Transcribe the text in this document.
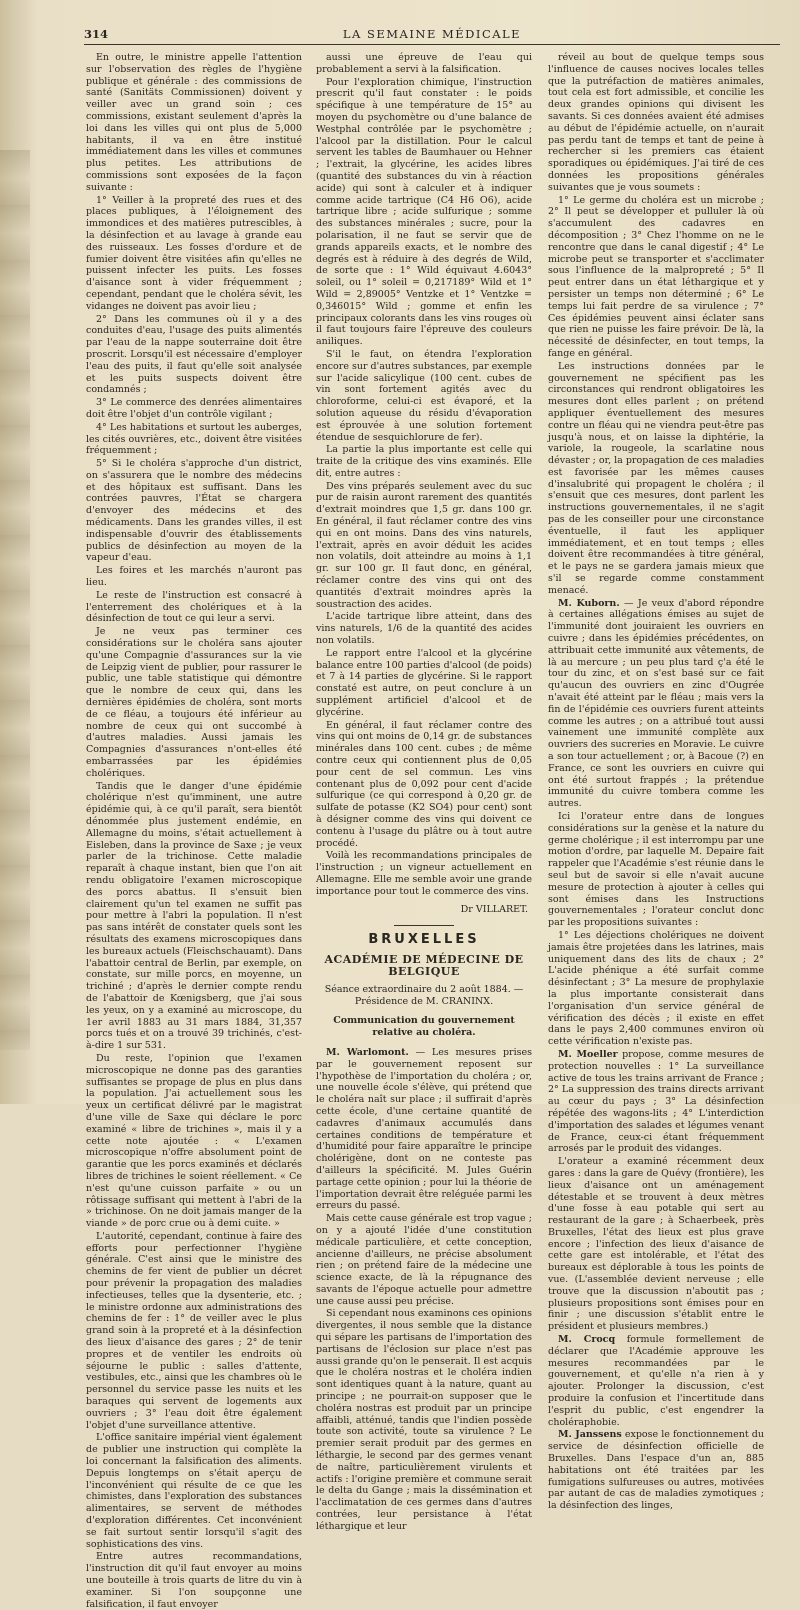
314	LA SEMAINE MÉDICALE

En outre, le ministre appelle l'attention sur l'observation des règles de l'hygiène publique et générale : des commissions de santé (Sanitäts Commissionen) doivent y veiller avec un grand soin ; ces commissions, existant seulement d'après la loi dans les villes qui ont plus de 5,000 habitants, il va en être institué immédiatement dans les villes et communes plus petites. Les attributions de commissions sont exposées de la façon suivante :

1° Veiller à la propreté des rues et des places publiques, à l'éloignement des immondices et des matières putrescibles, à la désinfection et au lavage à grande eau des ruisseaux. Les fosses d'ordure et de fumier doivent être visitées afin qu'elles ne puissent infecter les puits. Les fosses d'aisance sont à vider fréquemment ; cependant, pendant que le choléra sévit, les vidanges ne doivent pas avoir lieu ;

2° Dans les communes où il y a des conduites d'eau, l'usage des puits alimentés par l'eau de la nappe souterraine doit être proscrit. Lorsqu'il est nécessaire d'employer l'eau des puits, il faut qu'elle soit analysée et les puits suspects doivent être condamnés ;

3° Le commerce des denrées alimentaires doit être l'objet d'un contrôle vigilant ;

4° Les habitations et surtout les auberges, les cités ouvrières, etc., doivent être visitées fréquemment ;

5° Si le choléra s'approche d'un district, on s'assurera que le nombre des médecins et des hôpitaux est suffisant. Dans les contrées pauvres, l'État se chargera d'envoyer des médecins et des médicaments. Dans les grandes villes, il est indispensable d'ouvrir des établissements publics de désinfection au moyen de la vapeur d'eau.

Les foires et les marchés n'auront pas lieu.

Le reste de l'instruction est consacré à l'enterrement des cholériques et à la désinfection de tout ce qui leur a servi.

Je ne veux pas terminer ces considérations sur le choléra sans ajouter qu'une Compagnie d'assurances sur la vie de Leipzig vient de publier, pour rassurer le public, une table statistique qui démontre que le nombre de ceux qui, dans les dernières épidémies de choléra, sont morts de ce fléau, a toujours été inférieur au nombre de ceux qui ont succombé à d'autres maladies. Aussi jamais les Compagnies d'assurances n'ont-elles été embarrassées par les épidémies cholériques.

Tandis que le danger d'une épidémie cholérique n'est qu'imminent, une autre épidémie qui, à ce qu'il paraît, sera bientôt dénommée plus justement endémie, en Allemagne du moins, s'était actuellement à Eisleben, dans la province de Saxe ; je veux parler de la trichinose. Cette maladie reparaît à chaque instant, bien que l'on ait rendu obligatoire l'examen microscopique des porcs abattus. Il s'ensuit bien clairement qu'un tel examen ne suffit pas pour mettre à l'abri la population. Il n'est pas sans intérêt de constater quels sont les résultats des examens microscopiques dans les bureaux actuels (Fleischschauamt). Dans l'abattoir central de Berlin, par exemple, on constate, sur mille porcs, en moyenne, un trichiné ; d'après le dernier compte rendu de l'abattoir de Kœnigsberg, que j'ai sous les yeux, on y a examiné au microscope, du 1er avril 1883 au 31 mars 1884, 31,357 porcs tués et on a trouvé 39 trichinés, c'est-à-dire 1 sur 531.

Du reste, l'opinion que l'examen microscopique ne donne pas des garanties suffisantes se propage de plus en plus dans la population. J'ai actuellement sous les yeux un certificat délivré par le magistrat d'une ville de Saxe qui déclare le porc examiné « libre de trichines », mais il y a cette note ajoutée : « L'examen microscopique n'offre absolument point de garantie que les porcs examinés et déclarés libres de trichines le soient réellement. « Ce n'est qu'une cuisson parfaite » ou un rôtissage suffisant qui mettent à l'abri de la » trichinose. On ne doit jamais manger de la viande » de porc crue ou à demi cuite. »

L'autorité, cependant, continue à faire des efforts pour perfectionner l'hygiène générale. C'est ainsi que le ministre des chemins de fer vient de publier un décret pour prévenir la propagation des maladies infectieuses, telles que la dysenterie, etc. ; le ministre ordonne aux administrations des chemins de fer : 1° de veiller avec le plus grand soin à la propreté et à la désinfection des lieux d'aisance des gares ; 2° de tenir propres et de ventiler les endroits où séjourne le public : salles d'attente, vestibules, etc., ainsi que les chambres où le personnel du service passe les nuits et les baraques qui servent de logements aux ouvriers ; 3° l'eau doit être également l'objet d'une surveillance attentive.

L'office sanitaire impérial vient également de publier une instruction qui complète la loi concernant la falsification des aliments. Depuis longtemps on s'était aperçu de l'inconvénient qui résulte de ce que les chimistes, dans l'exploration des substances alimentaires, se servent de méthodes d'exploration différentes. Cet inconvénient se fait surtout sentir lorsqu'il s'agit des sophistications des vins.

Entre autres recommandations, l'instruction dit qu'il faut envoyer au moins une bouteille à trois quarts de litre du vin à examiner. Si l'on soupçonne une falsification, il faut envoyer

aussi une épreuve de l'eau qui probablement a servi à la falsification.

Pour l'exploration chimique, l'instruction prescrit qu'il faut constater : le poids spécifique à une température de 15° au moyen du psychomètre ou d'une balance de Westphal contrôlée par le psychomètre ; l'alcool par la distillation. Pour le calcul servent les tables de Baumhauer ou Hehner ; l'extrait, la glycérine, les acides libres (quantité des substances du vin à réaction acide) qui sont à calculer et à indiquer comme acide tartrique (C4 H6 O6), acide tartrique libre ; acide sulfurique ; somme des substances minérales ; sucre, pour la polarisation, il ne faut se servir que de grands appareils exacts, et le nombre des degrés est à réduire à des degrés de Wild, de sorte que : 1° Wild équivaut 4.6043° soleil, ou 1° soleil = 0,217189° Wild et 1° Wild = 2,89005° Ventzke et 1° Ventzke = 0,346015° Wild ; gomme et enfin les principaux colorants dans les vins rouges où il faut toujours faire l'épreuve des couleurs aniliques.

S'il le faut, on étendra l'exploration encore sur d'autres substances, par exemple sur l'acide salicylique (100 cent. cubes de vin sont fortement agités avec du chloroforme, celui-ci est évaporé, et la solution aqueuse du résidu d'évaporation est éprouvée à une solution fortement étendue de sesquichlorure de fer).

La partie la plus importante est celle qui traite de la critique des vins examinés. Elle dit, entre autres :

Des vins préparés seulement avec du suc pur de raisin auront rarement des quantités d'extrait moindres que 1,5 gr. dans 100 gr. En général, il faut réclamer contre des vins qui en ont moins. Dans des vins naturels, l'extrait, après en avoir déduit les acides non volatils, doit atteindre au moins à 1,1 gr. sur 100 gr. Il faut donc, en général, réclamer contre des vins qui ont des quantités d'extrait moindres après la soustraction des acides.

L'acide tartrique libre atteint, dans des vins naturels, 1/6 de la quantité des acides non volatils.

Le rapport entre l'alcool et la glycérine balance entre 100 parties d'alcool (de poids) et 7 à 14 parties de glycérine. Si le rapport constaté est autre, on peut conclure à un supplément artificiel d'alcool et de glycérine.

En général, il faut réclamer contre des vins qui ont moins de 0,14 gr. de substances minérales dans 100 cent. cubes ; de même contre ceux qui contiennent plus de 0,05 pour cent de sel commun. Les vins contenant plus de 0,092 pour cent d'acide sulfurique (ce qui correspond à 0,20 gr. de sulfate de potasse (K2 SO4) pour cent) sont à désigner comme des vins qui doivent ce contenu à l'usage du plâtre ou à tout autre procédé.

Voilà les recommandations principales de l'instruction ; un vigneur actuellement en Allemagne. Elle me semble avoir une grande importance pour tout le commerce des vins.

Dr VILLARET.
BRUXELLES
ACADÉMIE DE MÉDECINE DE BELGIQUE
Séance extraordinaire du 2 août 1884. — Présidence de M. CRANINX.
Communication du gouvernement relative au choléra.

M. Warlomont. — Les mesures prises par le gouvernement reposent sur l'hypothèse de l'importation du choléra ; or, une nouvelle école s'élève, qui prétend que le choléra naît sur place ; il suffirait d'après cette école, d'une certaine quantité de cadavres d'animaux accumulés dans certaines conditions de température et d'humidité pour faire apparaître le principe cholérigène, dont on ne conteste pas d'ailleurs la spécificité. M. Jules Guérin partage cette opinion ; pour lui la théorie de l'importation devrait être reléguée parmi les erreurs du passé.

Mais cette cause générale est trop vague ; on y a ajouté l'idée d'une constitution médicale particulière, et cette conception, ancienne d'ailleurs, ne précise absolument rien ; on prétend faire de la médecine une science exacte, de là la répugnance des savants de l'époque actuelle pour admettre une cause aussi peu précise.

Si cependant nous examinons ces opinions divergentes, il nous semble que la distance qui sépare les partisans de l'importation des partisans de l'éclosion sur place n'est pas aussi grande qu'on le penserait. Il est acquis que le choléra nostras et le choléra indien sont identiques quant à la nature, quant au principe ; ne pourrait-on supposer que le choléra nostras est produit par un principe affaibli, atténué, tandis que l'indien possède toute son activité, toute sa virulence ? Le premier serait produit par des germes en léthargie, le second par des germes venant de naître, particulièrement virulents et actifs : l'origine première et commune serait le delta du Gange ; mais la dissémination et l'acclimatation de ces germes dans d'autres contrées, leur persistance à l'état léthargique et leur

réveil au bout de quelque temps sous l'influence de causes nocives locales telles que la putréfaction de matières animales, tout cela est fort admissible, et concilie les deux grandes opinions qui divisent les savants. Si ces données avaient été admises au début de l'épidémie actuelle, on n'aurait pas perdu tant de temps et tant de peine à rechercher si les premiers cas étaient sporadiques ou épidémiques. J'ai tiré de ces données les propositions générales suivantes que je vous soumets :

1° Le germe du choléra est un microbe ; 2° Il peut se développer et pulluler là où s'accumulent des cadavres en décomposition ; 3° Chez l'homme on ne le rencontre que dans le canal digestif ; 4° Le microbe peut se transporter et s'acclimater sous l'influence de la malpropreté ; 5° Il peut entrer dans un état léthargique et y persister un temps non déterminé ; 6° Le temps lui fait perdre de sa virulence ; 7° Ces épidémies peuvent ainsi éclater sans que rien ne puisse les faire prévoir. De là, la nécessité de désinfecter, en tout temps, la fange en général.

Les instructions données par le gouvernement ne spécifient pas les circonstances qui rendront obligatoires les mesures dont elles parlent ; on prétend appliquer éventuellement des mesures contre un fléau qui ne viendra peut-être pas jusqu'à nous, et on laisse la diphtérie, la variole, la rougeole, la scarlatine nous dévaster ; or, la propagation de ces maladies est favorisée par les mêmes causes d'insalubrité qui propagent le choléra ; il s'ensuit que ces mesures, dont parlent les instructions gouvernementales, il ne s'agit pas de les conseiller pour une circonstance éventuelle, il faut les appliquer immédiatement, et en tout temps ; elles doivent être recommandées à titre général, et le pays ne se gardera jamais mieux que s'il se regarde comme constamment menacé.

M. Kuborn. — Je veux d'abord répondre à certaines allégations émises au sujet de l'immunité dont jouiraient les ouvriers en cuivre ; dans les épidémies précédentes, on attribuait cette immunité aux vêtements, de là au mercure ; un peu plus tard ç'a été le tour du zinc, et on s'est basé sur ce fait qu'aucun des ouvriers en zinc d'Ougrée n'avait été atteint par le fléau ; mais vers la fin de l'épidémie ces ouvriers furent atteints comme les autres ; on a attribué tout aussi vainement une immunité complète aux ouvriers des sucreries en Moravie. Le cuivre a son tour actuellement ; or, à Bacoue (?) en France, ce sont les ouvriers en cuivre qui ont été surtout frappés ; la prétendue immunité du cuivre tombera comme les autres.

Ici l'orateur entre dans de longues considérations sur la genèse et la nature du germe cholérique ; il est interrompu par une motion d'ordre, par laquelle M. Depaire fait rappeler que l'Académie s'est réunie dans le seul but de savoir si elle n'avait aucune mesure de protection à ajouter à celles qui sont émises dans les Instructions gouvernementales ; l'orateur conclut donc par les propositions suivantes :

1° Les déjections cholériques ne doivent jamais être projetées dans les latrines, mais uniquement dans des lits de chaux ; 2° L'acide phénique a été surfait comme désinfectant ; 3° La mesure de prophylaxie la plus importante consisterait dans l'organisation d'un service général de vérification des décès ; il existe en effet dans le pays 2,400 communes environ où cette vérification n'existe pas.

M. Moeller propose, comme mesures de protection nouvelles : 1° La surveillance active de tous les trains arrivant de France ; 2° La suppression des trains directs arrivant au cœur du pays ; 3° La désinfection répétée des wagons-lits ; 4° L'interdiction d'importation des salades et légumes venant de France, ceux-ci étant fréquemment arrosés par le produit des vidanges.

L'orateur a examiné récemment deux gares : dans la gare de Quévy (frontière), les lieux d'aisance ont un aménagement détestable et se trouvent à deux mètres d'une fosse à eau potable qui sert au restaurant de la gare ; à Schaerbeek, près Bruxelles, l'état des lieux est plus grave encore ; l'infection des lieux d'aisance de cette gare est intolérable, et l'état des bureaux est déplorable à tous les points de vue. (L'assemblée devient nerveuse ; elle trouve que la discussion n'aboutit pas ; plusieurs propositions sont émises pour en finir ; une discussion s'établit entre le président et plusieurs membres.)

M. Crocq formule formellement de déclarer que l'Académie approuve les mesures recommandées par le gouvernement, et qu'elle n'a rien à y ajouter. Prolonger la discussion, c'est produire la confusion et l'incertitude dans l'esprit du public, c'est engendrer la choléraphobie.

M. Janssens expose le fonctionnement du service de désinfection officielle de Bruxelles. Dans l'espace d'un an, 885 habitations ont été traitées par les fumigations sulfureuses ou autres, motivées par autant de cas de maladies zymotiques ; la désinfection des linges,
